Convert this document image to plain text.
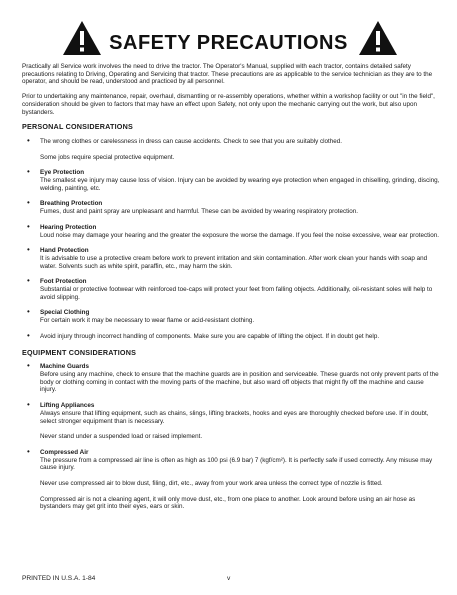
SAFETY PRECAUTIONS

Practically all Service work involves the need to drive the tractor. The Operator's Manual, supplied with each tractor, contains detailed safety precautions relating to Driving, Operating and Servicing that tractor. These precautions are as applicable to the service technician as they are to the operator, and should be read, understood and practiced by all personnel.

Prior to undertaking any maintenance, repair, overhaul, dismantling or re-assembly operations, whether within a workshop facility or out "in the field", consideration should be given to factors that may have an effect upon Safety, not only upon the mechanic carrying out the work, but also upon bystanders.

PERSONAL CONSIDERATIONS
• The wrong clothes or carelessness in dress can cause accidents. Check to see that you are suitably clothed.

Some jobs require special protective equipment.

• Eye Protection

The smallest eye injury may cause loss of vision. Injury can be avoided by wearing eye protection when engaged in chiselling, grinding, discing, welding, painting, etc.

• Breathing Protection

Fumes, dust and paint spray are unpleasant and harmful. These can be avoided by wearing respiratory protection.

• Hearing Protection

Loud noise may damage your hearing and the greater the exposure the worse the damage. If you feel the noise excessive, wear ear protection.

• Hand Protection

It is advisable to use a protective cream before work to prevent irritation and skin contamination. After work clean your hands with soap and water. Solvents such as white spirit, paraffin, etc., may harm the skin.

• Foot Protection

Substantial or protective footwear with reinforced toe-caps will protect your feet from falling objects. Additionally, oil-resistant soles will help to avoid slipping.

• Special Clothing

For certain work it may be necessary to wear flame or acid-resistant clothing.

• Avoid injury through incorrect handling of components. Make sure you are capable of lifting the object. If in doubt get help.

EQUIPMENT CONSIDERATIONS
• Machine Guards

Before using any machine, check to ensure that the machine guards are in position and serviceable. These guards not only prevent parts of the body or clothing coming in contact with the moving parts of the machine, but also ward off objects that might fly off the machine and cause injury.

• Lifting Appliances

Always ensure that lifting equipment, such as chains, slings, lifting brackets, hooks and eyes are thoroughly checked before use. If in doubt, select stronger equipment than is necessary.

Never stand under a suspended load or raised implement.

• Compressed Air

The pressure from a compressed air line is often as high as 100 psi (6.9 bar) 7 (kgf/cm²). It is perfectly safe if used correctly. Any misuse may cause injury.

Never use compressed air to blow dust, filing, dirt, etc., away from your work area unless the correct type of nozzle is fitted.

Compressed air is not a cleaning agent, it will only move dust, etc., from one place to another. Look around before using an air hose as bystanders may get grit into their eyes, ears or skin.

PRINTED IN U.S.A. 1-84	v
